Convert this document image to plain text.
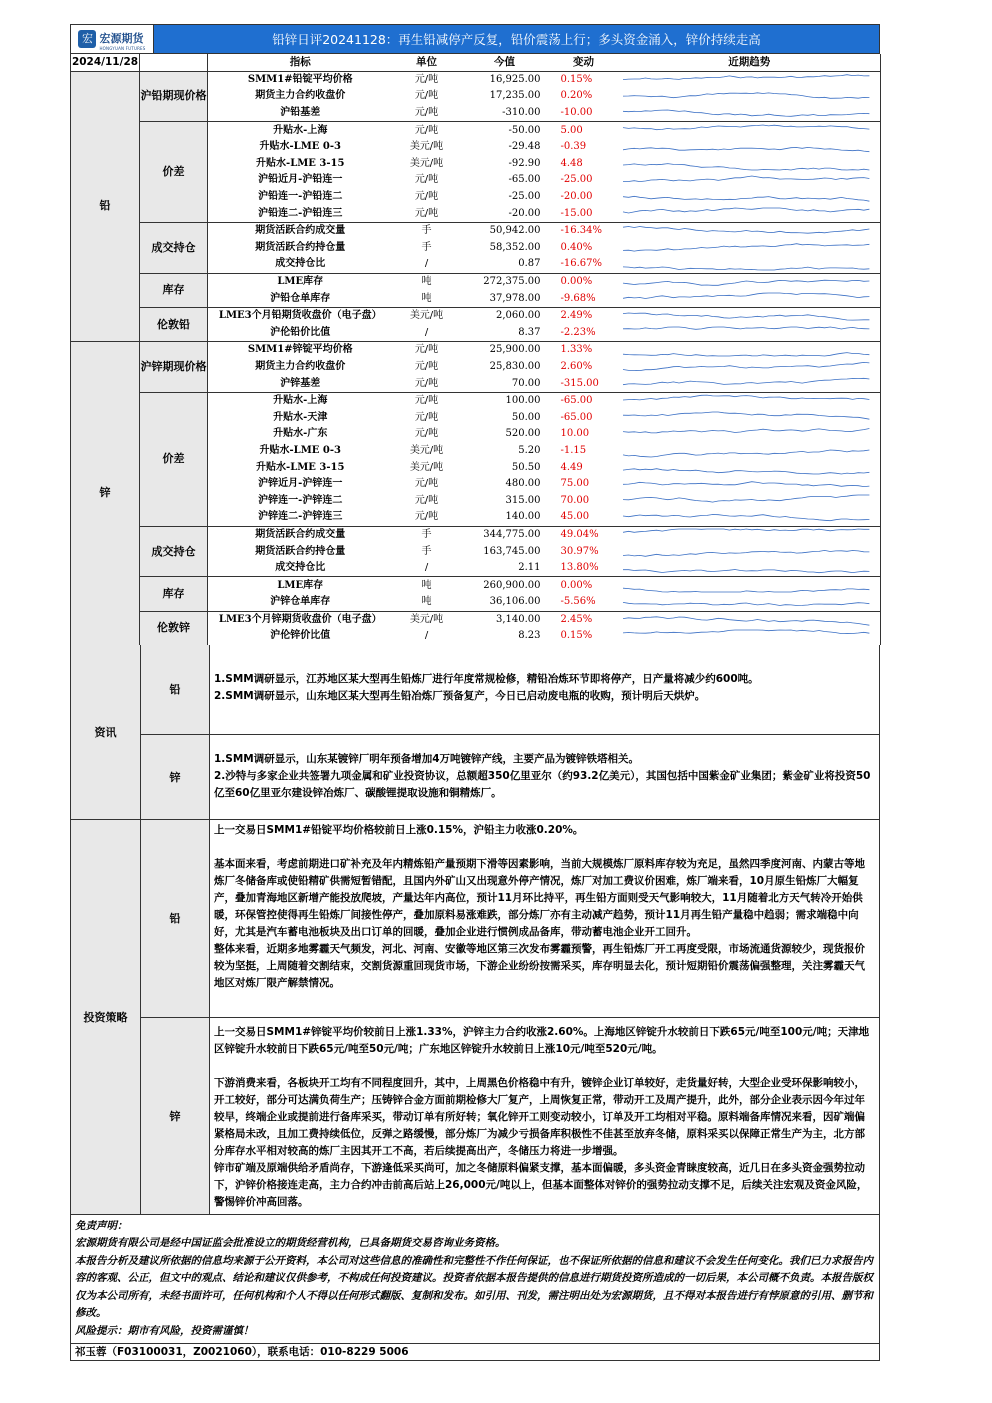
宏 宏源期货
HONGYUAN FUTURES
铅锌日评20241128：再生铅减停产反复，铅价震荡上行；多头资金涌入，锌价持续走高
2024/11/28		指标	单位	今值	变动	近期趋势
铅	沪铅期现价格	SMM1#铅锭平均价格	元/吨	16,925.00	0.15%	

		期货主力合约收盘价	元/吨	17,235.00	0.20%	

		沪铅基差	元/吨	-310.00	-10.00	

	价差	升贴水-上海	元/吨	-50.00	5.00	

		升贴水-LME 0-3	美元/吨	-29.48	-0.39	

		升贴水-LME 3-15	美元/吨	-92.90	4.48	

		沪铅近月-沪铅连一	元/吨	-65.00	-25.00	

		沪铅连一-沪铅连二	元/吨	-25.00	-20.00	

		沪铅连二-沪铅连三	元/吨	-20.00	-15.00	

	成交持仓	期货活跃合约成交量	手	50,942.00	-16.34%	

		期货活跃合约持仓量	手	58,352.00	0.40%	

		成交持仓比	/	0.87	-16.67%	

	库存	LME库存	吨	272,375.00	0.00%	

		沪铅仓单库存	吨	37,978.00	-9.68%	

	伦敦铅	LME3个月铅期货收盘价（电子盘）	美元/吨	2,060.00	2.49%	

		沪伦铅价比值	/	8.37	-2.23%	

锌	沪锌期现价格	SMM1#锌锭平均价格	元/吨	25,900.00	1.33%	

		期货主力合约收盘价	元/吨	25,830.00	2.60%	

		沪锌基差	元/吨	70.00	-315.00	

	价差	升贴水-上海	元/吨	100.00	-65.00	

		升贴水-天津	元/吨	50.00	-65.00	

		升贴水-广东	元/吨	520.00	10.00	

		升贴水-LME 0-3	美元/吨	5.20	-1.15	

		升贴水-LME 3-15	美元/吨	50.50	4.49	

		沪锌近月-沪锌连一	元/吨	480.00	75.00	

		沪锌连一-沪锌连二	元/吨	315.00	70.00	

		沪锌连二-沪锌连三	元/吨	140.00	45.00	

	成交持仓	期货活跃合约成交量	手	344,775.00	49.04%	

		期货活跃合约持仓量	手	163,745.00	30.97%	

		成交持仓比	/	2.11	13.80%	

	库存	LME库存	吨	260,900.00	0.00%	

		沪锌仓单库存	吨	36,106.00	-5.56%	

	伦敦锌	LME3个月锌期货收盘价（电子盘）	美元/吨	3,140.00	2.45%	

		沪伦锌价比值	/	8.23	0.15%	
资讯
铅

1.SMM调研显示，江苏地区某大型再生铅炼厂进行年度常规检修，精铅冶炼环节即将停产，日产量将减少约600吨。

2.SMM调研显示，山东地区某大型再生铅冶炼厂预备复产，今日已启动废电瓶的收购，预计明后天烘炉。

锌

1.SMM调研显示，山东某镀锌厂明年预备增加4万吨镀锌产线，主要产品为镀锌铁塔相关。

2.沙特与多家企业共签署九项金属和矿业投资协议，总额超350亿里亚尔（约93.2亿美元），其国包括中国紫金矿业集团；紫金矿业将投资50亿至60亿里亚尔建设锌冶炼厂、碳酸锂提取设施和铜精炼厂。

投资策略
铅

上一交易日SMM1#铅锭平均价格较前日上涨0.15%，沪铅主力收涨0.20%。

基本面来看，考虑前期进口矿补充及年内精炼铅产量预期下滑等因素影响，当前大规模炼厂原料库存较为充足，虽然四季度河南、内蒙古等地炼厂冬储备库或使铅精矿供需短暂错配，且国内外矿山又出现意外停产情况，炼厂对加工费议价困难，炼厂端来看，10月原生铅炼厂大幅复产，叠加青海地区新增产能投放爬坡，产量达年内高位，预计11月环比持平，再生铅方面则受天气影响较大，11月随着北方天气转冷开始供暖，环保管控使得再生铅炼厂间接性停产，叠加原料易涨难跌，部分炼厂亦有主动减产趋势，预计11月再生铅产量稳中趋弱；需求端稳中向好，尤其是汽车蓄电池板块及出口订单的回暖，叠加企业进行惯例成品备库，带动蓄电池企业开工回升。

整体来看，近期多地雾霾天气频发，河北、河南、安徽等地区第三次发布雾霾预警，再生铅炼厂开工再度受限，市场流通货源较少，现货报价较为坚挺，上周随着交割结束，交割货源重回现货市场，下游企业纷纷按需采买，库存明显去化，预计短期铅价震荡偏强整理，关注雾霾天气地区对炼厂限产解禁情况。

锌

上一交易日SMM1#锌锭平均价较前日上涨1.33%，沪锌主力合约收涨2.60%。上海地区锌锭升水较前日下跌65元/吨至100元/吨；天津地区锌锭升水较前日下跌65元/吨至50元/吨；广东地区锌锭升水较前日上涨10元/吨至520元/吨。

下游消费来看，各板块开工均有不同程度回升，其中，上周黑色价格稳中有升，镀锌企业订单较好，走货量好转，大型企业受环保影响较小，开工较好，部分可达满负荷生产；压铸锌合金方面前期检修大厂复产，上周恢复正常，带动开工及周产提升，此外，部分企业表示因今年过年较早，终端企业或提前进行备库采买，带动订单有所好转；氧化锌开工则变动较小，订单及开工均相对平稳。原料端备库情况来看，因矿端偏紧格局未改，且加工费持续低位，反弹之路缓慢，部分炼厂为减少亏损备库积极性不佳甚至放弃冬储，原料采买以保障正常生产为主，北方部分库存水平相对较高的炼厂主因其开工不高，若后续提高出产，冬储压力将进一步增强。

锌市矿端及原端供给矛盾尚存，下游逢低采买尚可，加之冬储原料偏紧支撑，基本面偏暖，多头资金青睐度较高，近几日在多头资金强势拉动下，沪锌价格接连走高，主力合约冲击前高后站上26,000元/吨以上，但基本面整体对锌价的强势拉动支撑不足，后续关注宏观及资金风险，警惕锌价冲高回落。

免责声明：

宏源期货有限公司是经中国证监会批准设立的期货经营机构，已具备期货交易咨询业务资格。

本报告分析及建议所依据的信息均来源于公开资料，本公司对这些信息的准确性和完整性不作任何保证，也不保证所依据的信息和建议不会发生任何变化。我们已力求报告内容的客观、公正，但文中的观点、结论和建议仅供参考，不构成任何投资建议。投资者依据本报告提供的信息进行期货投资所造成的一切后果，本公司概不负责。本报告版权仅为本公司所有，未经书面许可，任何机构和个人不得以任何形式翻版、复制和发布。如引用、刊发，需注明出处为宏源期货，且不得对本报告进行有悖原意的引用、删节和修改。

风险提示：期市有风险，投资需谨慎！

祁玉蓉（F03100031，Z0021060），联系电话：010-8229 5006
